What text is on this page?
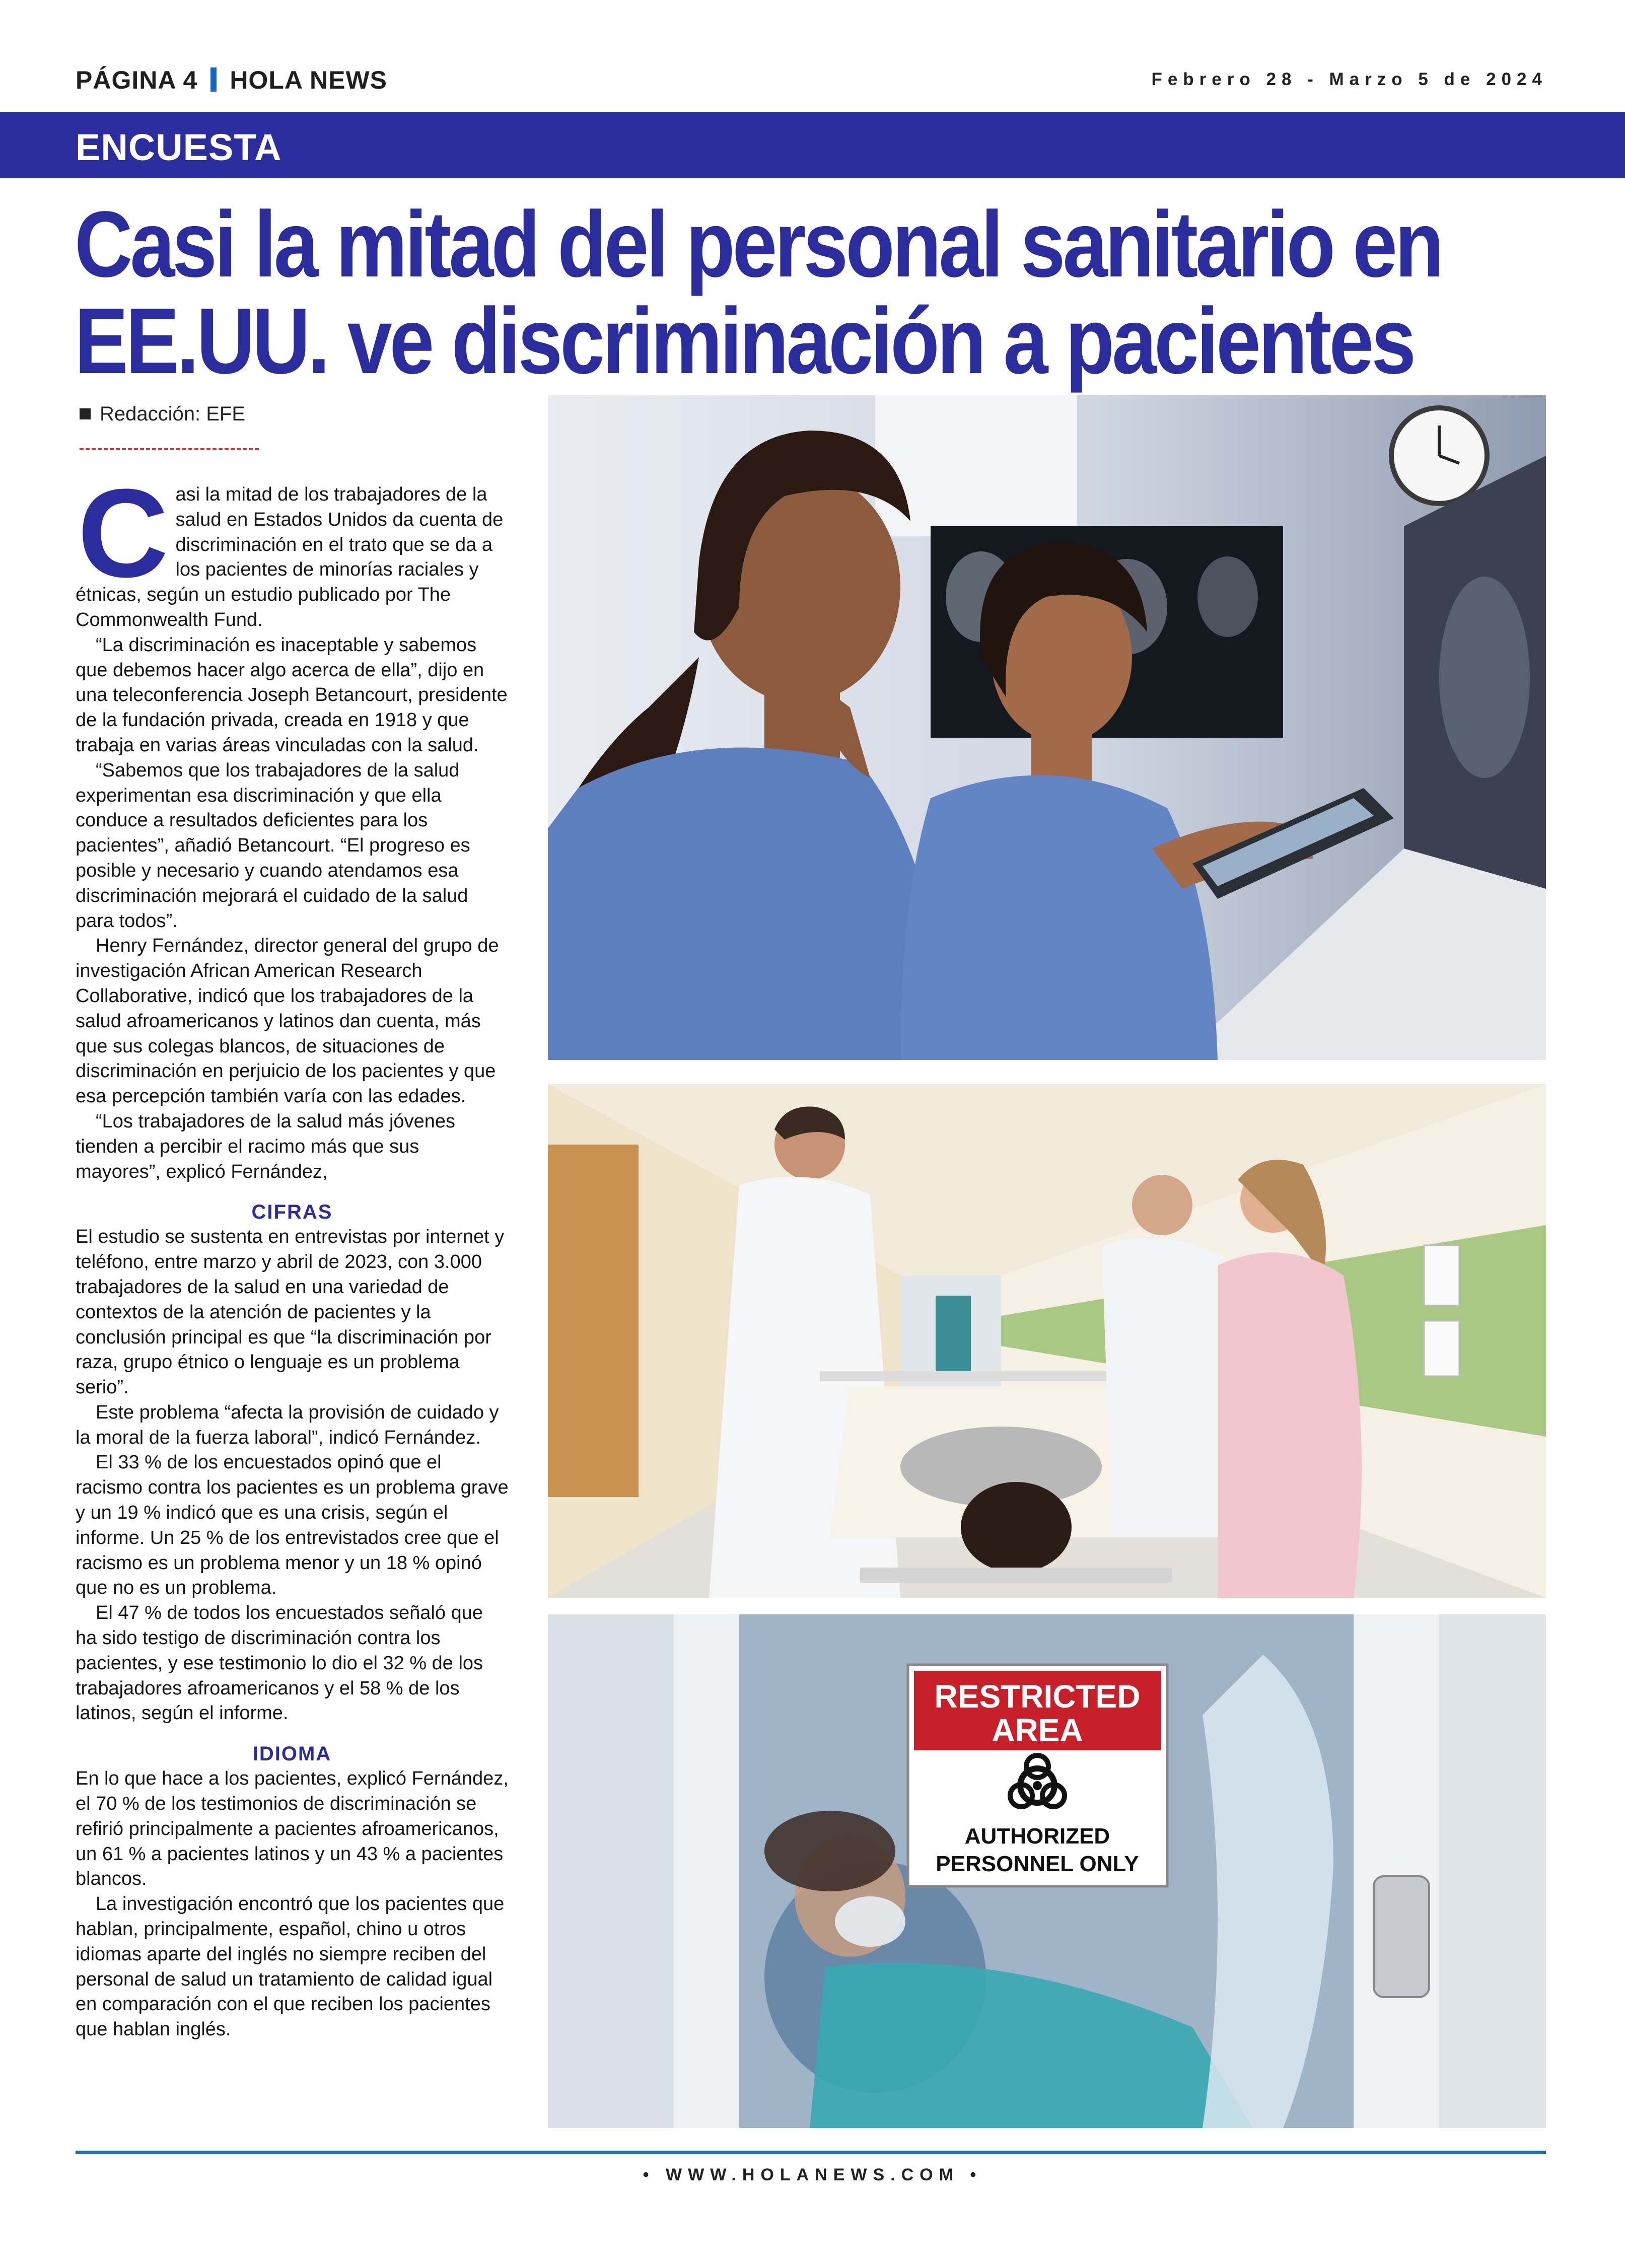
PÁGINA 4 HOLA NEWS	Febrero 28 - Marzo 5 de 2024
ENCUESTA
Casi la mitad del personal sanitario en
EE.UU. ve discriminación a pacientes
Redacción: EFE

Casi la mitad de los trabajadores de la salud en Estados Unidos da cuenta de discriminación en el trato que se da a los pacientes de minorías raciales y étnicas, según un estudio publicado por The Commonwealth Fund.

“La discriminación es inaceptable y sabemos que debemos hacer algo acerca de ella”, dijo en una teleconferencia Joseph Betancourt, presidente de la fundación privada, creada en 1918 y que trabaja en varias áreas vinculadas con la salud.

“Sabemos que los trabajadores de la salud experimentan esa discriminación y que ella conduce a resultados deficientes para los pacientes”, añadió Betancourt. “El progreso es posible y necesario y cuando atendamos esa discriminación mejorará el cuidado de la salud para todos”.

Henry Fernández, director general del grupo de investigación African American Research Collaborative, indicó que los trabajadores de la salud afroamericanos y latinos dan cuenta, más que sus colegas blancos, de situaciones de discriminación en perjuicio de los pacientes y que esa percepción también varía con las edades.

“Los trabajadores de la salud más jóvenes tienden a percibir el racimo más que sus mayores”, explicó Fernández,

CIFRAS

El estudio se sustenta en entrevistas por internet y teléfono, entre marzo y abril de 2023, con 3.000 trabajadores de la salud en una variedad de contextos de la atención de pacientes y la conclusión principal es que “la discriminación por raza, grupo étnico o lenguaje es un problema serio”.

Este problema “afecta la provisión de cuidado y la moral de la fuerza laboral”, indicó Fernández.

El 33 % de los encuestados opinó que el racismo contra los pacientes es un problema grave y un 19 % indicó que es una crisis, según el informe. Un 25 % de los entrevistados cree que el racismo es un problema menor y un 18 % opinó que no es un problema.

El 47 % de todos los encuestados señaló que ha sido testigo de discriminación contra los pacientes, y ese testimonio lo dio el 32 % de los trabajadores afroamericanos y el 58 % de los latinos, según el informe.

IDIOMA

En lo que hace a los pacientes, explicó Fernández, el 70 % de los testimonios de discriminación se refirió principalmente a pacientes afroamericanos, un 61 % a pacientes latinos y un 43 % a pacientes blancos.

La investigación encontró que los pacientes que hablan, principalmente, español, chino u otros idiomas aparte del inglés no siempre reciben del personal de salud un tratamiento de calidad igual en comparación con el que reciben los pacientes que hablan inglés.

RESTRICTED
AREA
AUTHORIZED
PERSONNEL ONLY
• WWW.HOLANEWS.COM •
